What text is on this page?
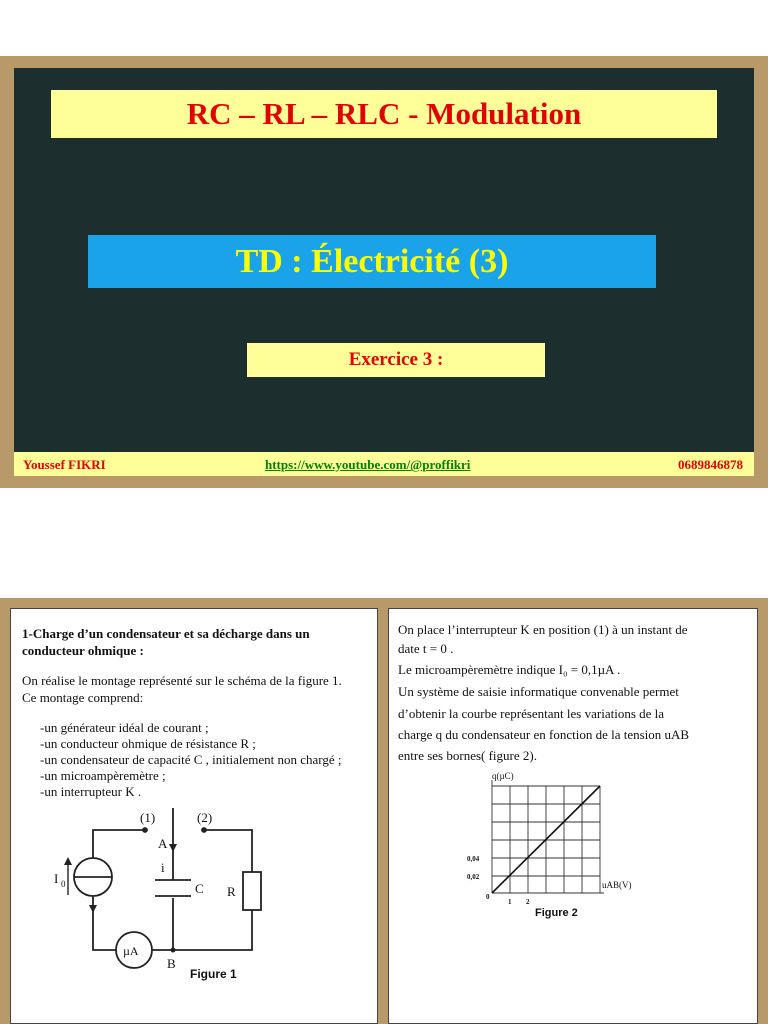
RC – RL – RLC - Modulation
TD : Électricité (3)
Exercice 3 :
Youssef FIKRI	https://www.youtube.com/@proffikri	0689846878
1-Charge d’un condensateur et sa décharge dans un
conducteur ohmique :
On réalise le montage représenté sur le schéma de la figure 1.
Ce montage comprend:
-un générateur idéal de courant ;
-un conducteur ohmique de résistance R ;
-un condensateur de capacité C , initialement non chargé ;
-un microampèremètre ;
-un interrupteur K .
(1)	(2)
A
i
C R
I 0
µA
B
Figure 1
On place l’interrupteur K en position (1) à un instant de
date t = 0 .
Le microampèremètre indique I₀ = 0,1µA .
Un système de saisie informatique convenable permet
d’obtenir la courbe représentant les variations de la
charge q du condensateur en fonction de la tension uAB
entre ses bornes( figure 2).
q(µC)
uAB(V)
0,04
0,02
0
1 2
Figure 2
